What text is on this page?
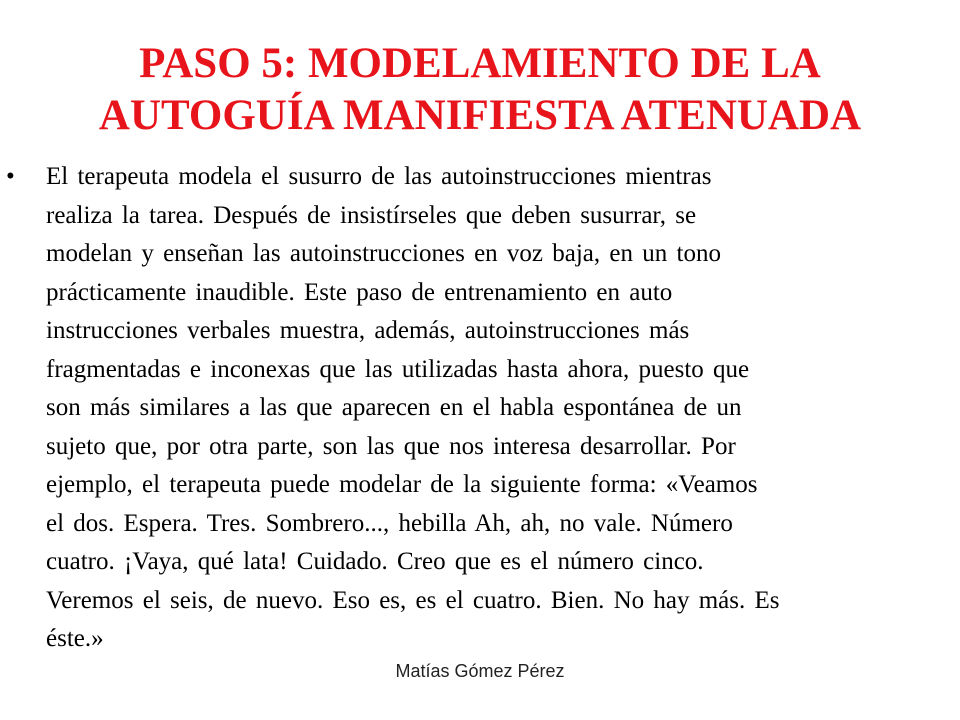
PASO 5: MODELAMIENTO DE LA
AUTOGUÍA MANIFIESTA ATENUADA
• El terapeuta modela el susurro de las autoinstrucciones mientras
realiza la tarea. Después de insistírseles que deben susurrar, se
modelan y enseñan las autoinstrucciones en voz baja, en un tono
prácticamente inaudible. Este paso de entrenamiento en auto
instrucciones verbales muestra, además, autoinstrucciones más
fragmentadas e inconexas que las utilizadas hasta ahora, puesto que
son más similares a las que aparecen en el habla espontánea de un
sujeto que, por otra parte, son las que nos interesa desarrollar. Por
ejemplo, el terapeuta puede modelar de la siguiente forma: «Veamos
el dos. Espera. Tres. Sombrero..., hebilla Ah, ah, no vale. Número
cuatro. ¡Vaya, qué lata! Cuidado. Creo que es el número cinco.
Veremos el seis, de nuevo. Eso es, es el cuatro. Bien. No hay más. Es
éste.»
Matías Gómez Pérez
